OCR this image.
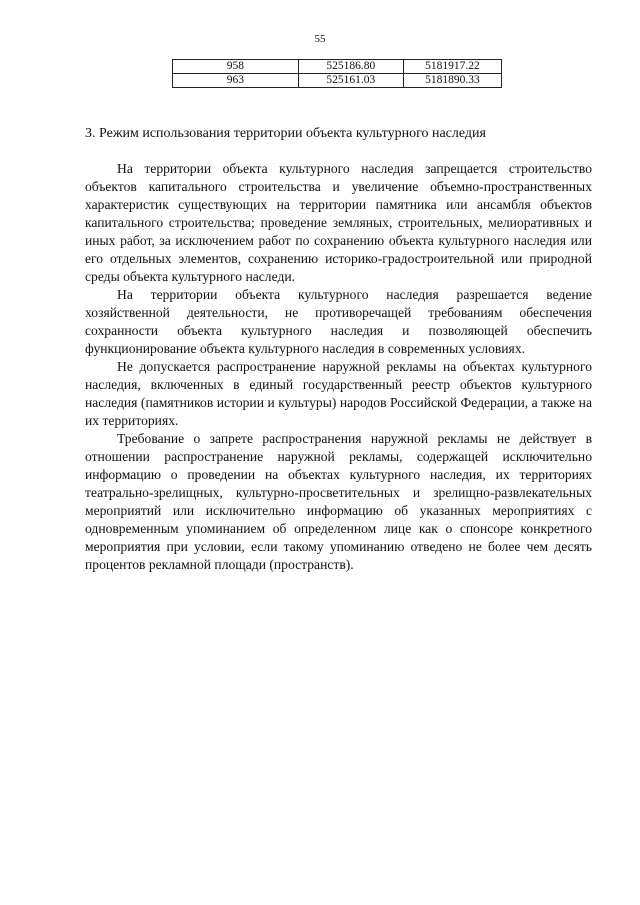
55
958	525186.80	5181917.22
963	525161.03	5181890.33
3. Режим использования территории объекта культурного наследия

На территории объекта культурного наследия запрещается строительство объектов капитального строительства и увеличение объемно-пространственных характеристик существующих на территории памятника или ансамбля объектов капитального строительства; проведение земляных, строительных, мелиоративных и иных работ, за исключением работ по сохранению объекта культурного наследия или его отдельных элементов, сохранению историко-градостроительной или природной среды объекта культурного наследи.

На территории объекта культурного наследия разрешается ведение хозяйственной деятельности, не противоречащей требованиям обеспечения сохранности объекта культурного наследия и позволяющей обеспечить функционирование объекта культурного наследия в современных условиях.

Не допускается распространение наружной рекламы на объектах культурного наследия, включенных в единый государственный реестр объектов культурного наследия (памятников истории и культуры) народов Российской Федерации, а также на их территориях.

Требование о запрете распространения наружной рекламы не действует в отношении распространение наружной рекламы, содержащей исключительно информацию о проведении на объектах культурного наследия, их территориях театрально-зрелищных, культурно-просветительных и зрелищно-развлекательных мероприятий или исключительно информацию об указанных мероприятиях с одновременным упоминанием об определенном лице как о спонсоре конкретного мероприятия при условии, если такому упоминанию отведено не более чем десять процентов рекламной площади (пространств).
